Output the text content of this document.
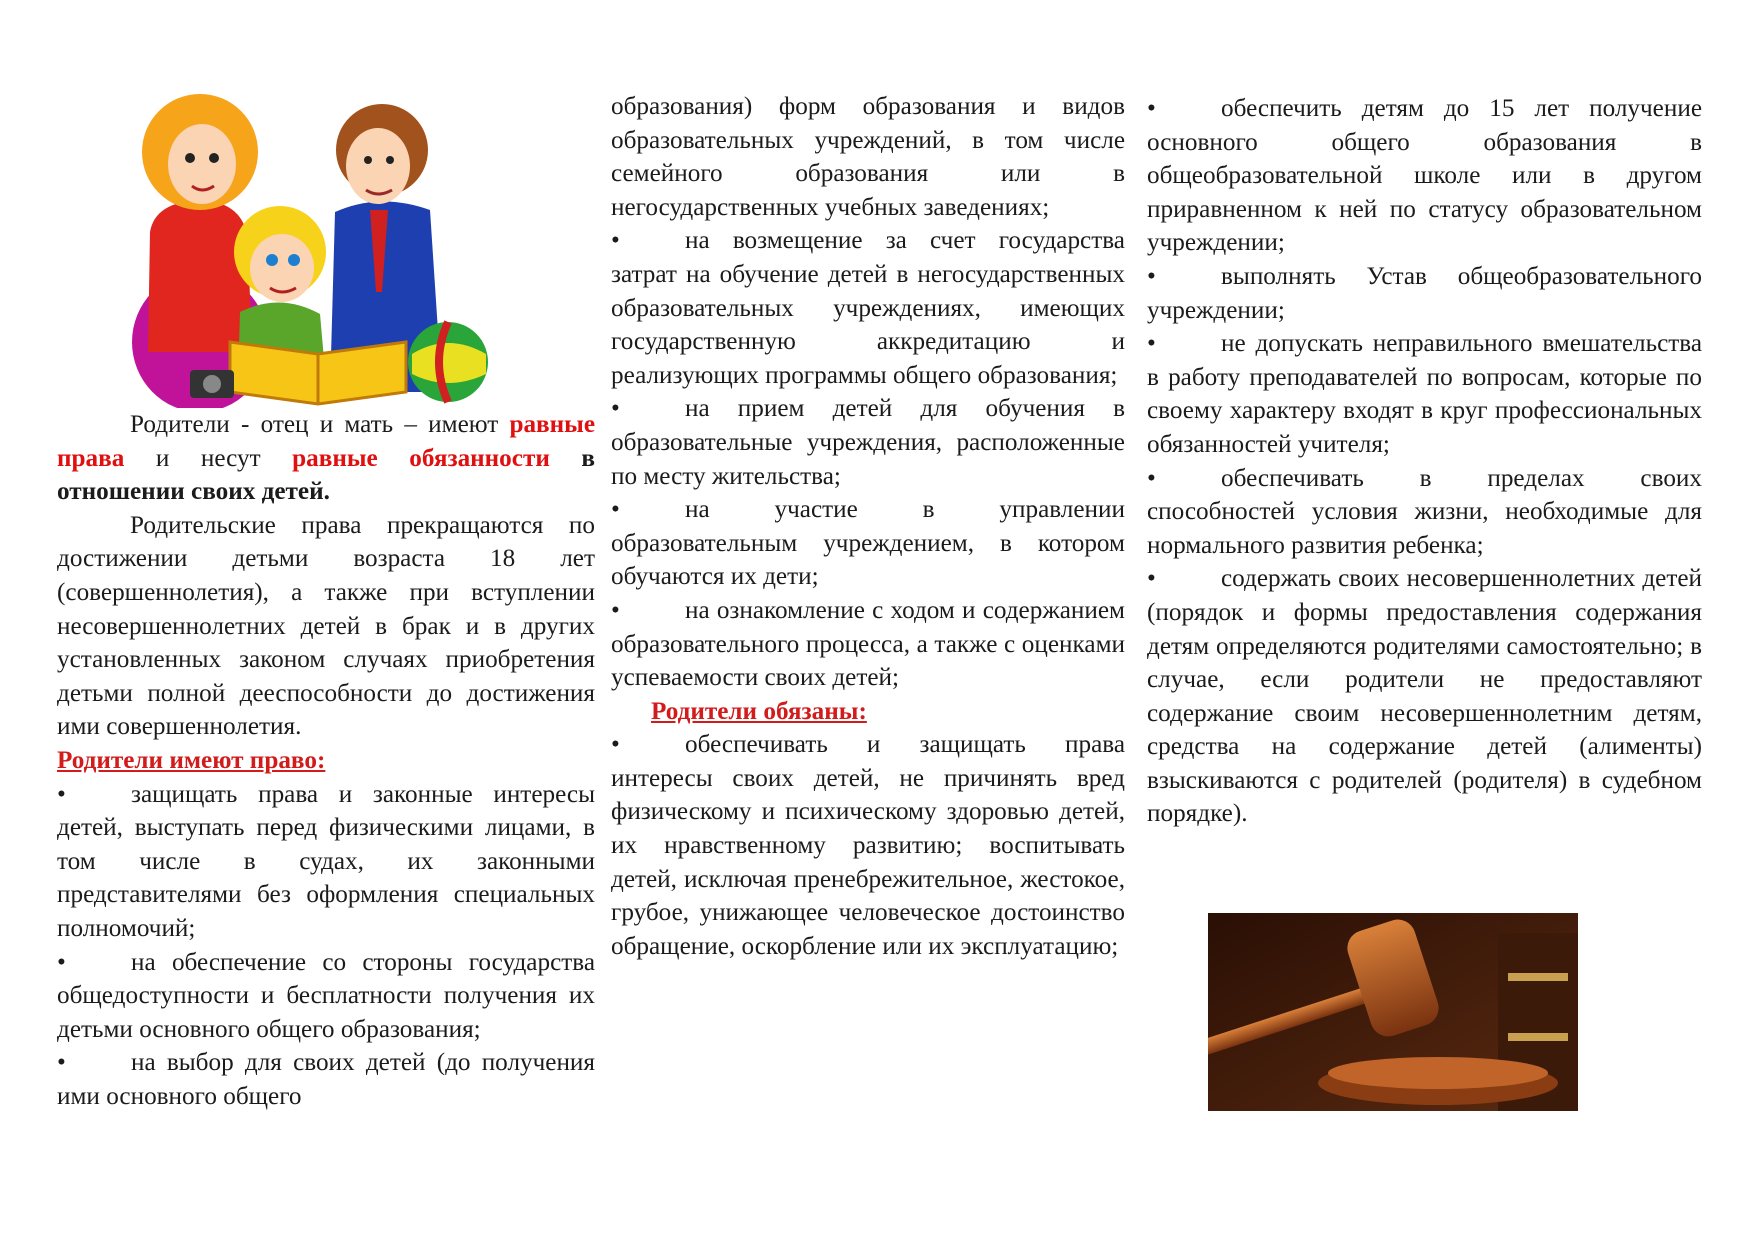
Родители - отец и мать – имеют равные права и несут равные обязанности в отношении своих детей.

Родительские права прекращаются по достижении детьми возраста 18 лет (совершеннолетия), а также при вступлении несовершеннолетних детей в брак и в других установленных законом случаях приобретения детьми полной дееспособности до достижения ими совершеннолетия.

Родители имеют право:

•	защищать права и законные интересы детей, выступать перед физическими лицами, в том числе в судах, их законными представителями без оформления специальных полномочий;

•	на обеспечение со стороны государства общедоступности и бесплатности получения их детьми основного общего образования;

•	на выбор для своих детей (до получения ими основного общего

образования) форм образования и видов образовательных учреждений, в том числе семейного образования или в негосударственных учебных заведениях;

•	на возмещение за счет государства затрат на обучение детей в негосударственных образовательных учреждениях, имеющих государственную аккредитацию и реализующих программы общего образования;

•	на прием детей для обучения в образовательные учреждения, расположенные по месту жительства;

•	на участие в управлении образовательным учреждением, в котором обучаются их дети;

•	на ознакомление с ходом и содержанием образовательного процесса, а также с оценками успеваемости своих детей;

Родители обязаны:

•	обеспечивать и защищать права интересы своих детей, не причинять вред физическому и психическому здоровью детей, их нравственному развитию; воспитывать детей, исключая пренебрежительное, жестокое, грубое, унижающее человеческое достоинство обращение, оскорбление или их эксплуатацию;

•	обеспечить детям до 15 лет получение основного общего образования в общеобразовательной школе или в другом приравненном к ней по статусу образовательном учреждении;

•	выполнять Устав общеобразовательного учреждении;

•	не допускать неправильного вмешательства в работу преподавателей по вопросам, которые по своему характеру входят в круг профессиональных обязанностей учителя;

•	обеспечивать в пределах своих способностей условия жизни, необходимые для нормального развития ребенка;

•	содержать своих несовершеннолетних детей (порядок и формы предоставления содержания детям определяются родителями самостоятельно; в случае, если родители не предоставляют содержание своим несовершеннолетним детям, средства на содержание детей (алименты) взыскиваются с родителей (родителя) в судебном порядке).
